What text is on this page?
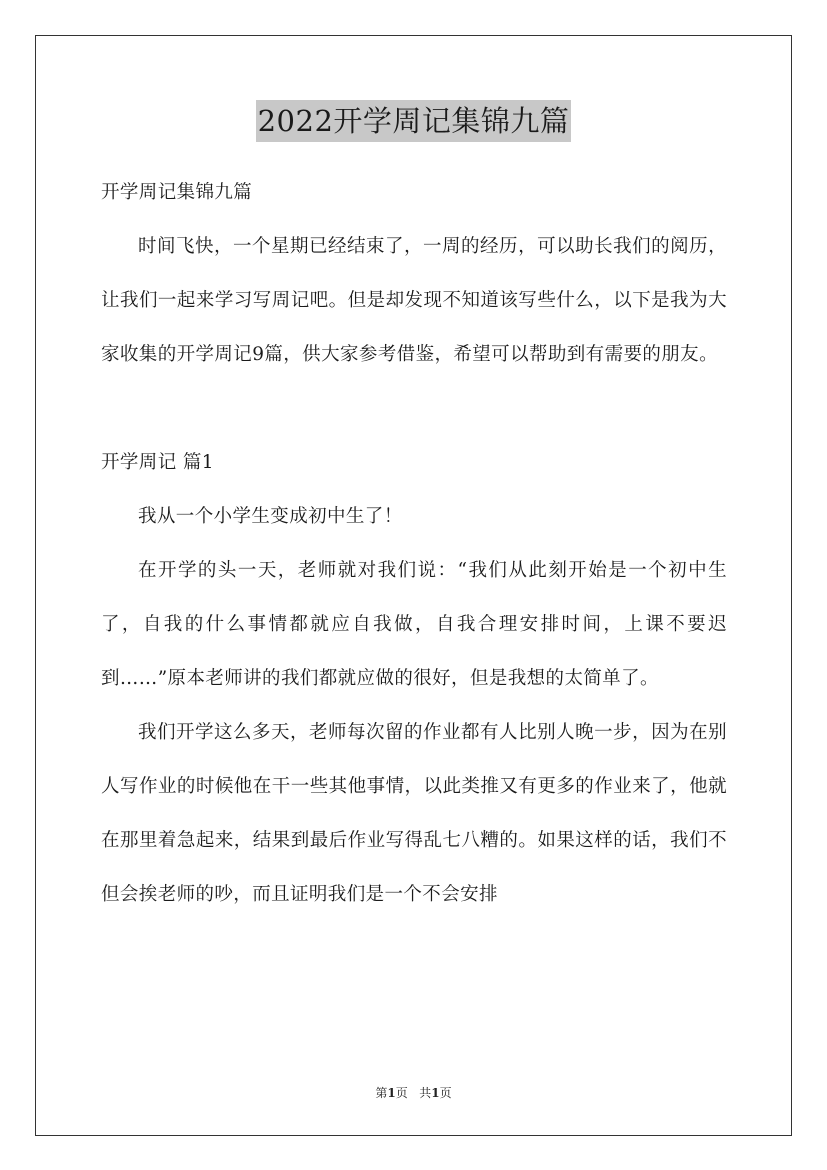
2022开学周记集锦九篇

开学周记集锦九篇

时间飞快，一个星期已经结束了，一周的经历，可以助长我们的阅历，让我们一起来学习写周记吧。但是却发现不知道该写些什么，以下是我为大家收集的开学周记9篇，供大家参考借鉴，希望可以帮助到有需要的朋友。

开学周记 篇1

我从一个小学生变成初中生了！

在开学的头一天，老师就对我们说：“我们从此刻开始是一个初中生了，自我的什么事情都就应自我做，自我合理安排时间，上课不要迟到……”原本老师讲的我们都就应做的很好，但是我想的太简单了。

我们开学这么多天，老师每次留的作业都有人比别人晚一步，因为在别人写作业的时候他在干一些其他事情，以此类推又有更多的作业来了，他就在那里着急起来，结果到最后作业写得乱七八糟的。如果这样的话，我们不但会挨老师的吵，而且证明我们是一个不会安排

第1页 共1页
